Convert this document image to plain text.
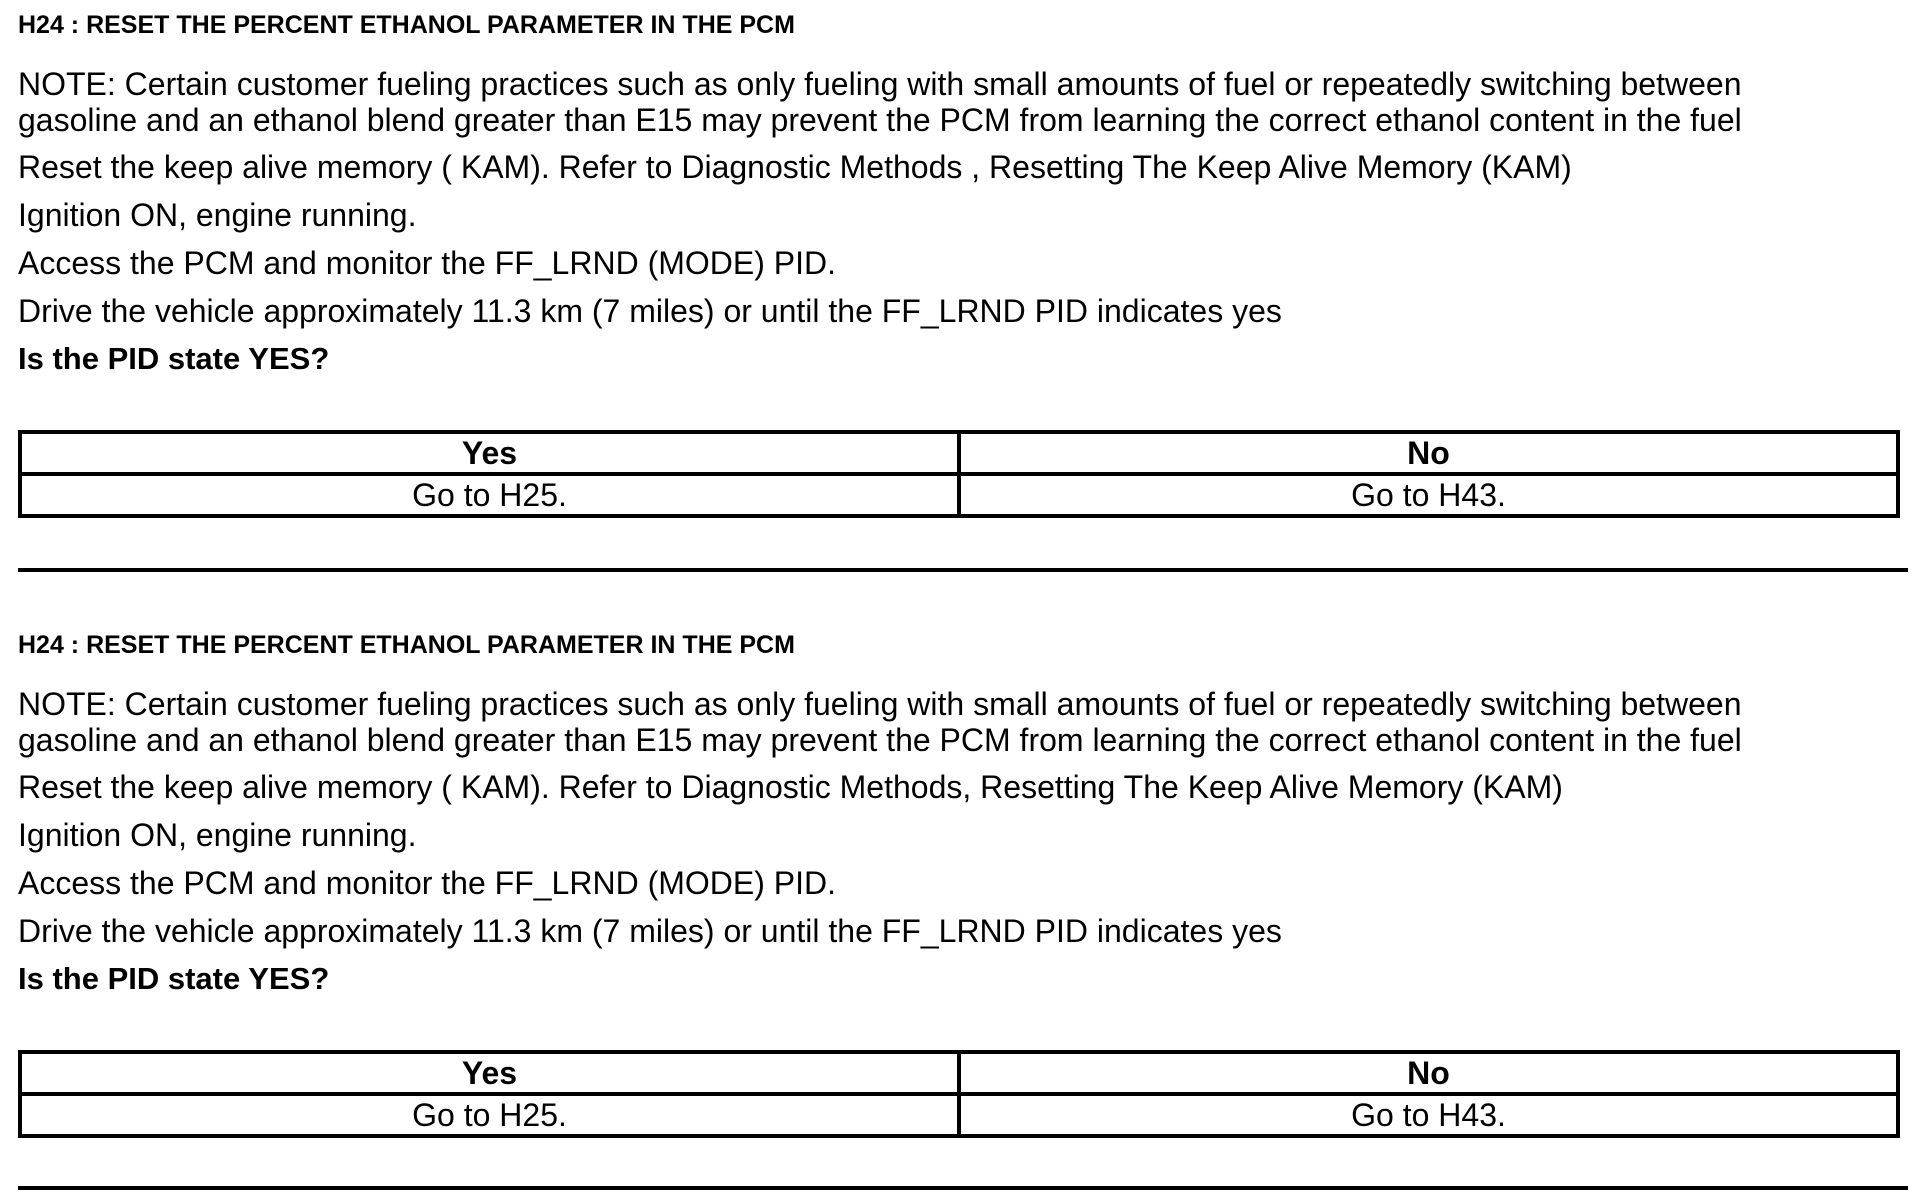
H24 : RESET THE PERCENT ETHANOL PARAMETER IN THE PCM

NOTE: Certain customer fueling practices such as only fueling with small amounts of fuel or repeatedly switching between

gasoline and an ethanol blend greater than E15 may prevent the PCM from learning the correct ethanol content in the fuel

Reset the keep alive memory ( KAM). Refer to Diagnostic Methods , Resetting The Keep Alive Memory (KAM)

Ignition ON, engine running.

Access the PCM and monitor the FF_LRND (MODE) PID.

Drive the vehicle approximately 11.3 km (7 miles) or until the FF_LRND PID indicates yes

Is the PID state YES?

Yes	No
Go to H25.	Go to H43.

H24 : RESET THE PERCENT ETHANOL PARAMETER IN THE PCM

NOTE: Certain customer fueling practices such as only fueling with small amounts of fuel or repeatedly switching between

gasoline and an ethanol blend greater than E15 may prevent the PCM from learning the correct ethanol content in the fuel

Reset the keep alive memory ( KAM). Refer to Diagnostic Methods, Resetting The Keep Alive Memory (KAM)

Ignition ON, engine running.

Access the PCM and monitor the FF_LRND (MODE) PID.

Drive the vehicle approximately 11.3 km (7 miles) or until the FF_LRND PID indicates yes

Is the PID state YES?

Yes	No
Go to H25.	Go to H43.
